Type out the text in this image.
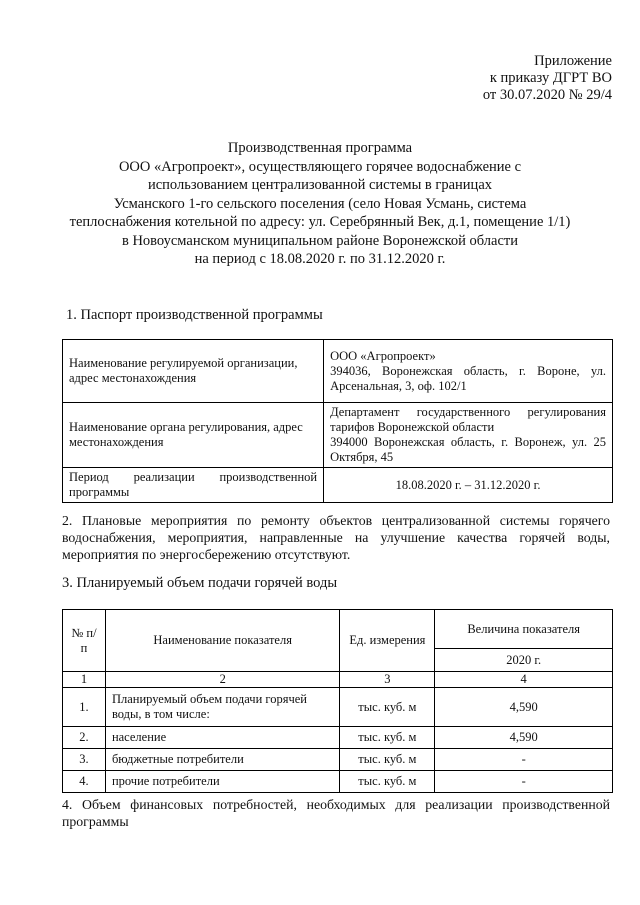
Приложение
к приказу ДГРТ ВО
от 30.07.2020 № 29/4
Производственная программа
ООО «Агропроект», осуществляющего горячее водоснабжение с
использованием централизованной системы в границах
Усманского 1-го сельского поселения (село Новая Усмань, система
теплоснабжения котельной по адресу: ул. Серебрянный Век, д.1, помещение 1/1)
в Новоусманском муниципальном районе Воронежской области
на период с 18.08.2020 г. по 31.12.2020 г.
1. Паспорт производственной программы
Наименование регулируемой организации, адрес местонахождения	ООО «Агропроект»
394036, Воронежская область, г. Вороне, ул. Арсенальная, 3, оф. 102/1

Наименование органа регулирования, адрес местонахождения	Департамент государственного регулирования тарифов Воронежской области
394000 Воронежская область, г. Воронеж, ул. 25 Октября, 45

Период реализации производственной программы	18.08.2020 г. – 31.12.2020 г.
2. Плановые мероприятия по ремонту объектов централизованной системы горячего водоснабжения, мероприятия, направленные на улучшение качества горячей воды, мероприятия по энергосбережению отсутствуют.
3. Планируемый объем подачи горячей воды
№ п/п	Наименование показателя	Ед. измерения	Величина показателя
			2020 г.
1	2	3	4
1.	Планируемый объем подачи горячей воды, в том числе:	тыс. куб. м	4,590
2.	население	тыс. куб. м	4,590
3.	бюджетные потребители	тыс. куб. м	-
4.	прочие потребители	тыс. куб. м	-
4. Объем финансовых потребностей, необходимых для реализации производственной программы
